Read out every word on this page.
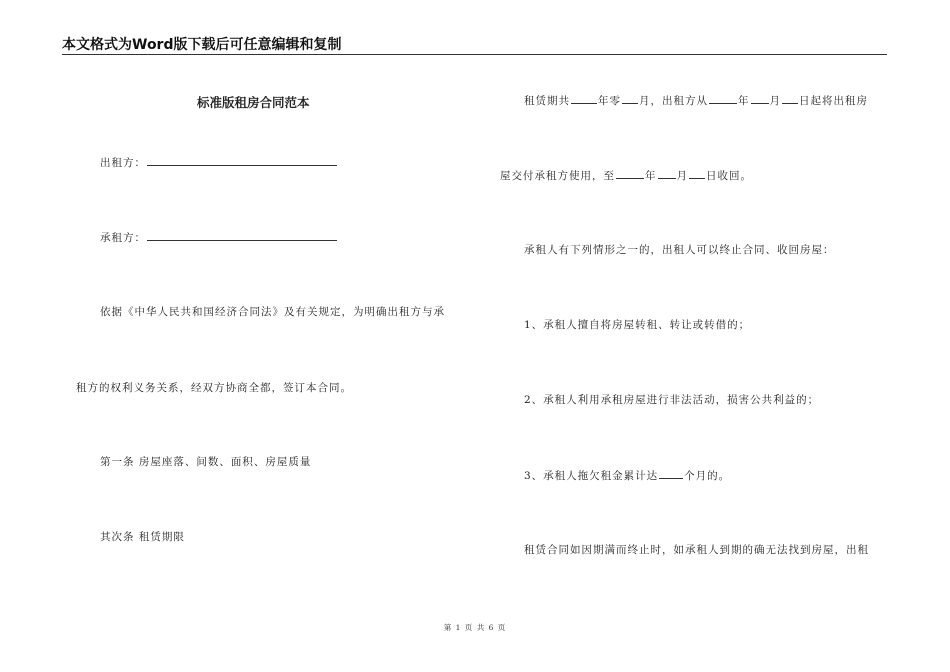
本文格式为Word版下载后可任意编辑和复制
标准版租房合同范本
出租方：
承租方：
依据《中华人民共和国经济合同法》及有关规定，为明确出租方与承
租方的权利义务关系，经双方协商全都，签订本合同。
第一条 房屋座落、间数、面积、房屋质量
其次条 租赁期限
租赁期共	年零 月，出租方从	年 月 日起将出租房
屋交付承租方使用，至	年 月 日收回。
承租人有下列情形之一的，出租人可以终止合同、收回房屋：
1、承租人擅自将房屋转租、转让或转借的；
2、承租人利用承租房屋进行非法活动，损害公共利益的；
3、承租人拖欠租金累计达 个月的。
租赁合同如因期满而终止时，如承租人到期的确无法找到房屋，出租
第 1 页 共 6 页
